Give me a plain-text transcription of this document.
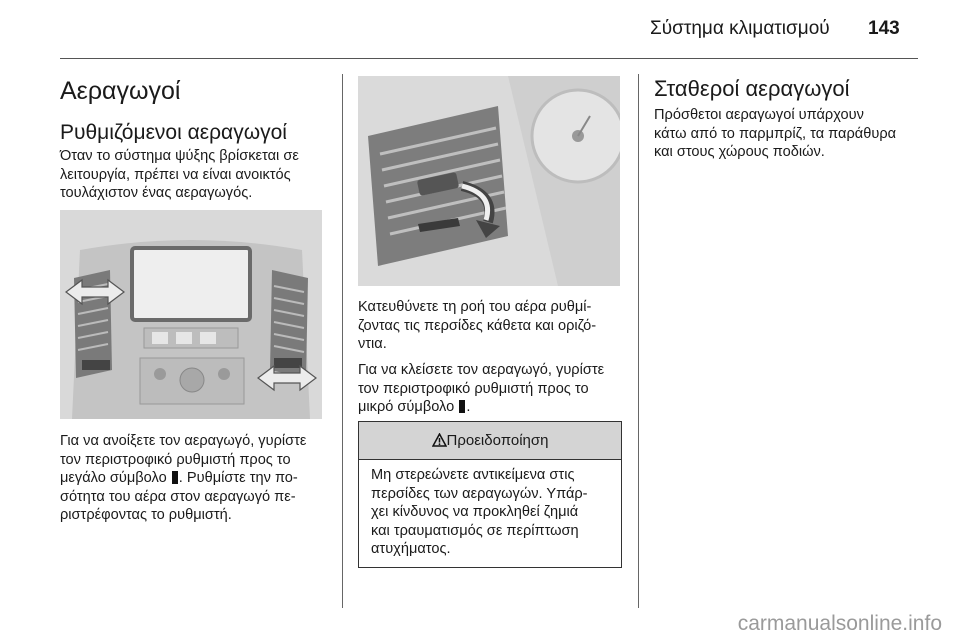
Σύστημα κλιματισμού 143
Αεραγωγοί
Ρυθμιζόμενοι αεραγωγοί

Όταν το σύστημα ψύξης βρίσκεται σε

λειτουργία, πρέπει να είναι ανοικτός

τουλάχιστον ένας αεραγωγός.

Για να ανοίξετε τον αεραγωγό, γυρίστε

τον περιστροφικό ρυθμιστή προς το

μεγάλο σύμβολο . Ρυθμίστε την πο-

σότητα του αέρα στον αεραγωγό πε-

ριστρέφοντας το ρυθμιστή.

Κατευθύνετε τη ροή του αέρα ρυθμί-

ζοντας τις περσίδες κάθετα και οριζό-

ντια.

Για να κλείσετε τον αεραγωγό, γυρίστε

τον περιστροφικό ρυθμιστή προς το

μικρό σύμβολο .

Προειδοποίηση
Μη στερεώνετε αντικείμενα στις
περσίδες των αεραγωγών. Υπάρ-
χει κίνδυνος να προκληθεί ζημιά
και τραυματισμός σε περίπτωση
ατυχήματος.
Σταθεροί αεραγωγοί

Πρόσθετοι αεραγωγοί υπάρχουν

κάτω από το παρμπρίζ, τα παράθυρα

και στους χώρους ποδιών.

carmanualsonline.info
